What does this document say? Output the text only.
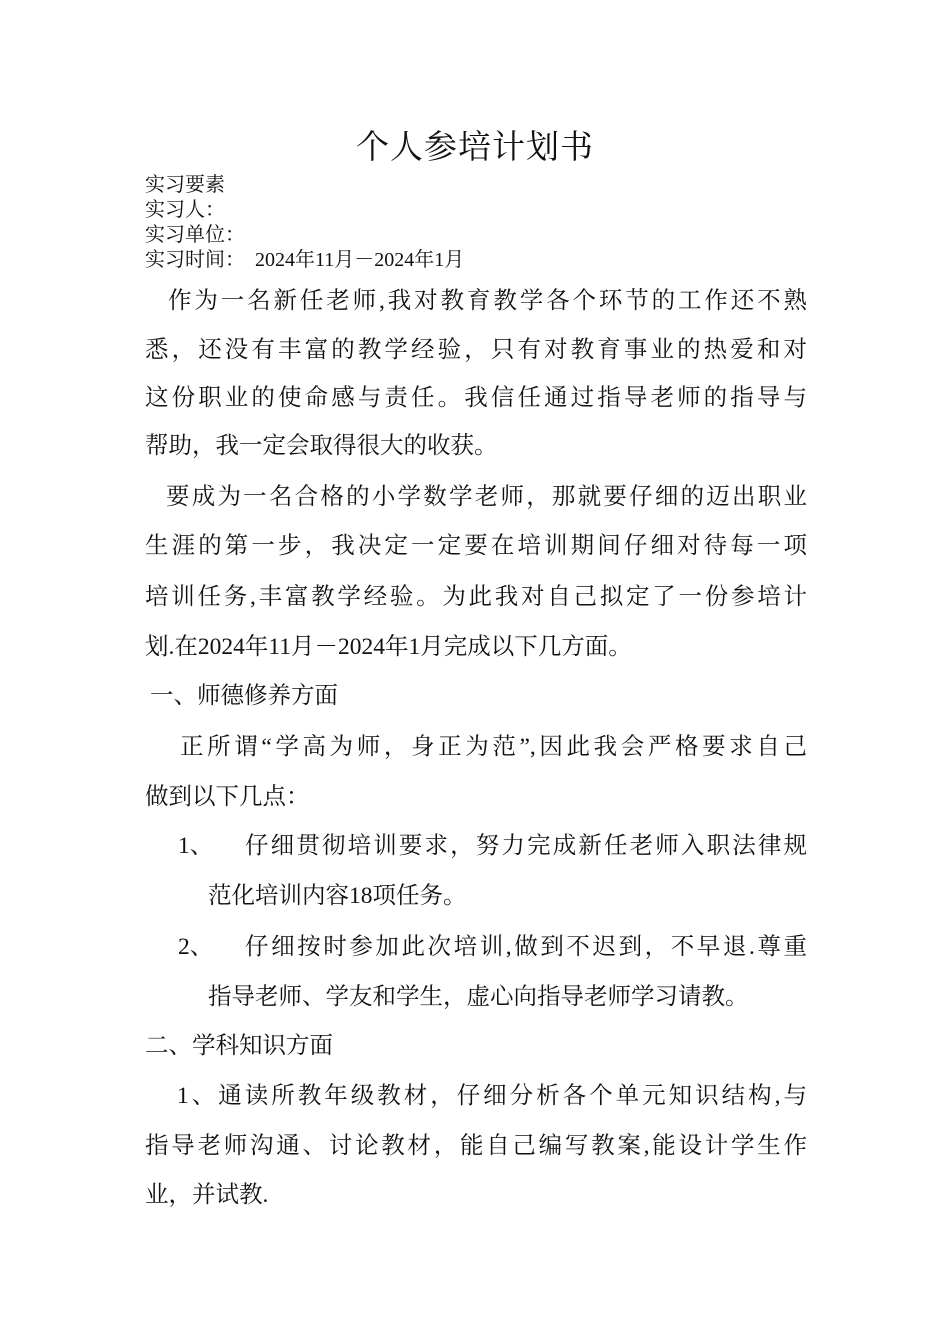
个人参培计划书
实习要素
实习人：
实习单位：
实习时间： 2024年11月－2024年1月
作为一名新任老师,我对教育教学各个环节的工作还不熟
悉，还没有丰富的教学经验，只有对教育事业的热爱和对
这份职业的使命感与责任。我信任通过指导老师的指导与
帮助，我一定会取得很大的收获。
要成为一名合格的小学数学老师，那就要仔细的迈出职业
生涯的第一步，我决定一定要在培训期间仔细对待每一项
培训任务,丰富教学经验。为此我对自己拟定了一份参培计
划.在2024年11月－2024年1月完成以下几方面。
一、师德修养方面
正所谓“学高为师，身正为范”,因此我会严格要求自己
做到以下几点：
1、 仔细贯彻培训要求，努力完成新任老师入职法律规
范化培训内容18项任务。
2、 仔细按时参加此次培训,做到不迟到，不早退.尊重
指导老师、学友和学生，虚心向指导老师学习请教。
二、学科知识方面
1、通读所教年级教材，仔细分析各个单元知识结构,与
指导老师沟通、讨论教材，能自己编写教案,能设计学生作
业，并试教.
